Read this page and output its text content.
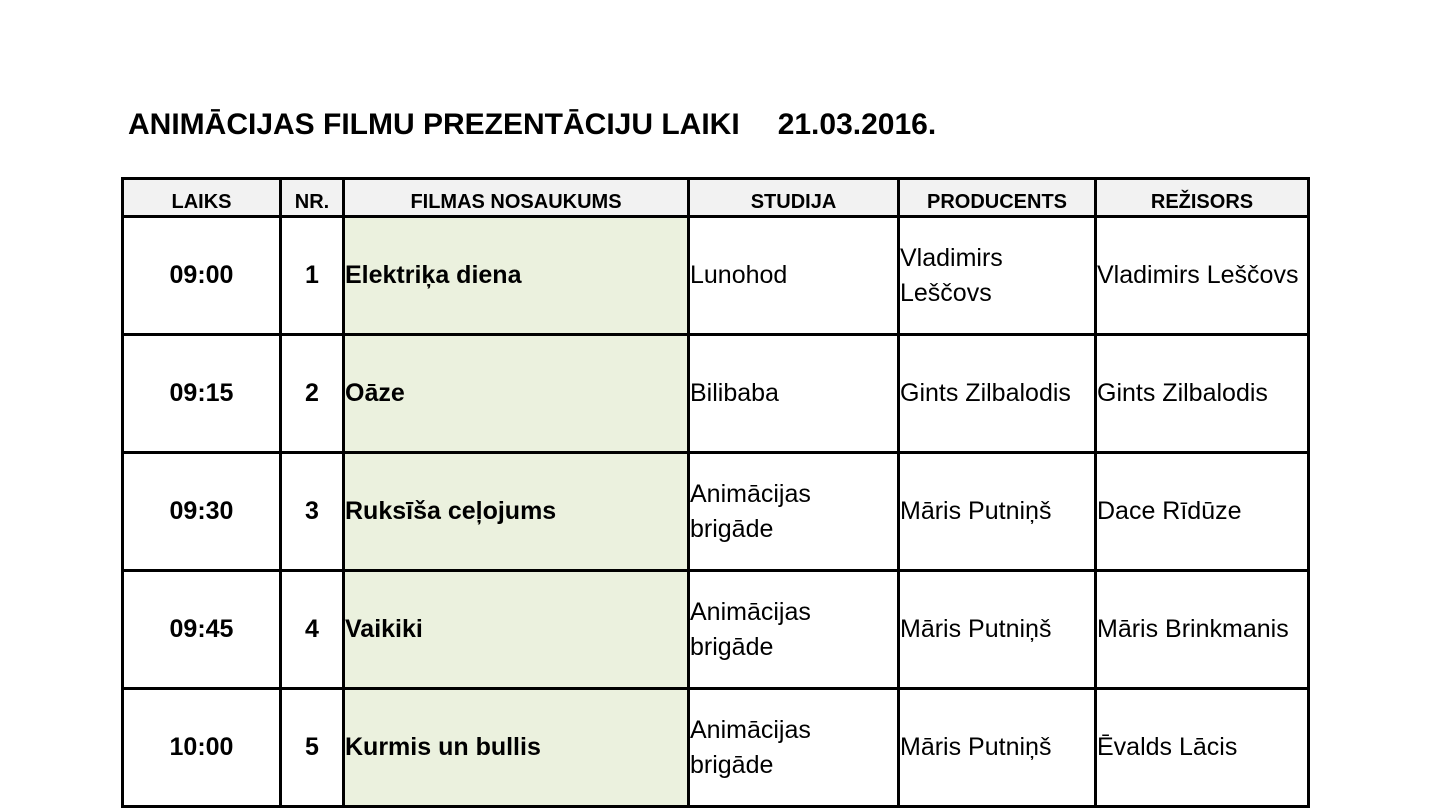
ANIMĀCIJAS FILMU PREZENTĀCIJU LAIKI 21.03.2016.
LAIKS	NR.	FILMAS NOSAUKUMS	STUDIJA	PRODUCENTS	REŽISORS
09:00	1	Elektriķa diena	Lunohod	Vladimirs Leščovs	Vladimirs Leščovs
09:15	2	Oāze	Bilibaba	Gints Zilbalodis	Gints Zilbalodis
09:30	3	Ruksīša ceļojums	Animācijas brigāde	Māris Putniņš	Dace Rīdūze
09:45	4	Vaikiki	Animācijas brigāde	Māris Putniņš	Māris Brinkmanis
10:00	5	Kurmis un bullis	Animācijas brigāde	Māris Putniņš	Ēvalds Lācis
